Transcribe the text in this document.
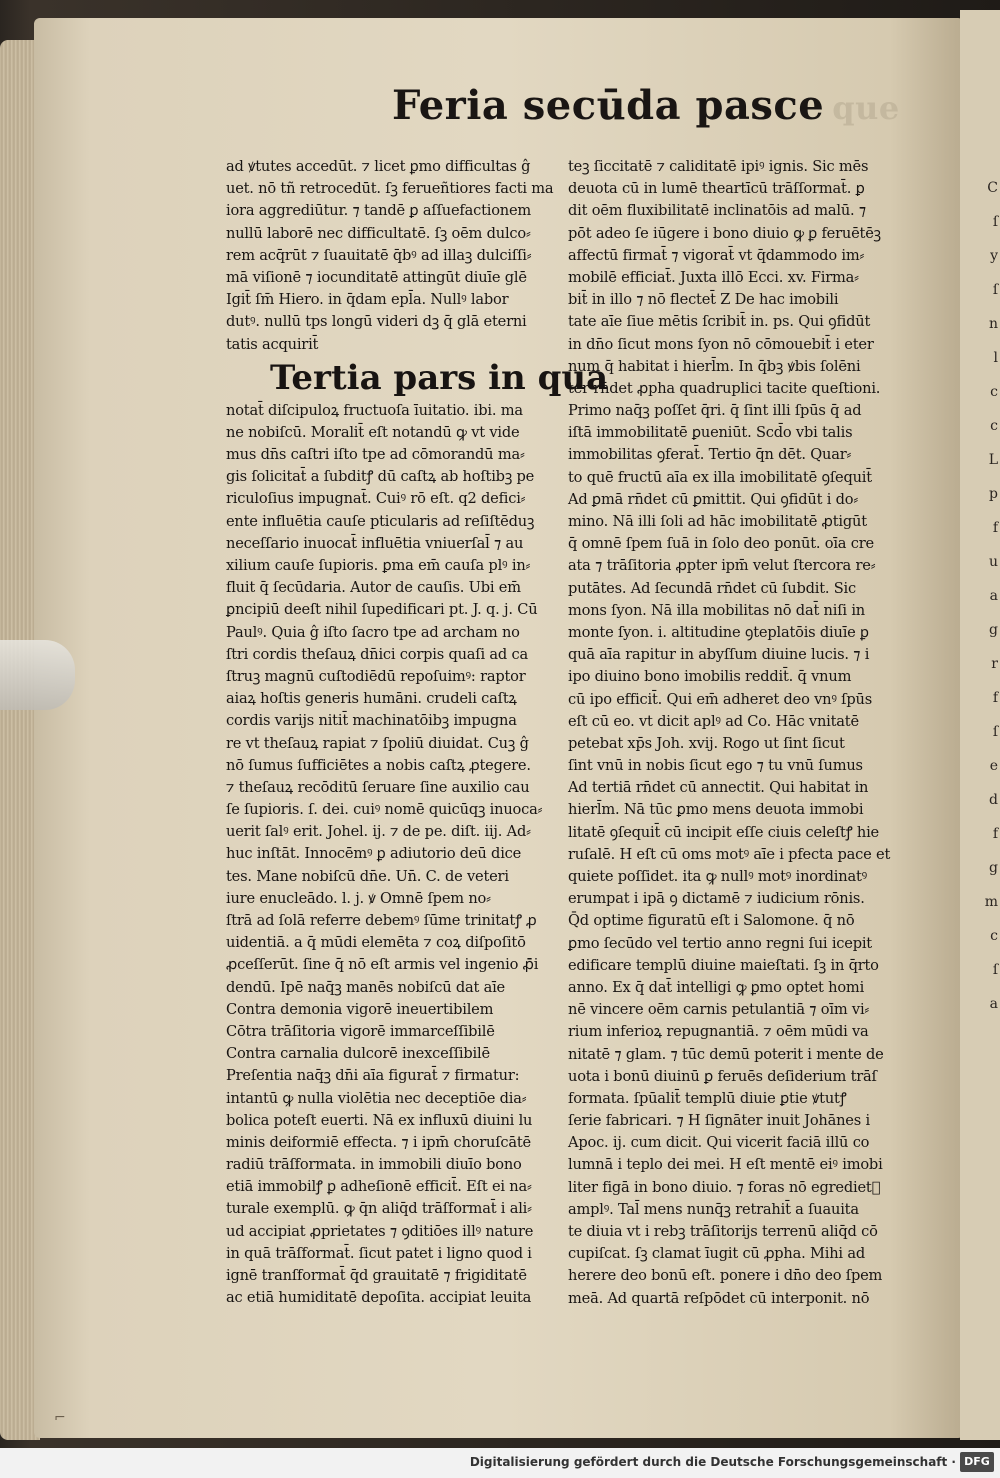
C
ſ
y
ſ
n
l
c
c
L
p
f
u
a
g
r
f
ſ
e
d
f
g
m
c
ſ
a
Feria secūda pasce que
ad ꝟtutes accedūt. ⁊ licet ꝑmo difficultas ĝ
uet. nō tñ retrocedūt. ſꝫ ferueñtiores facti ma
iora aggrediūtur. ⁊ tandē ꝑ aſſuefactionem
nullū laborē nec difficultatē. ſꝫ oēm dulco⸗
rem acq̄rūt ⁊ ſuauitatē q̄bꝰ ad illaꝫ dulciſſi⸗
mā viſionē ⁊ iocunditatē attingūt diuīe glē
Igit̄ ſm̄ Hiero. in q̄dam epl̄a. Nullꝰ labor
dutꝰ. nullū tps longū videri dꝫ q̄ glā eterni
tatis acquirit̄
Tertia pars in qua
notat̄ diſcipuloꝝ fructuoſa īuitatio. ibi. ma
ne nobiſcū. Moralit̄ eſt notandū ꝙ vt vide
mus dn̄s caſtri iſto tpe ad cōmorandū ma⸗
gis ſolicitat̄ a ſubditꝭ dū caſtꝝ ab hoſtibꝫ pe
riculoſius impugnat̄. Cuiꝰ rō eſt. q2 defici⸗
ente influētia cauſe pticularis ad reſiſtēduꝫ
neceſſario inuocat̄ influētia vniuerſal̄ ⁊ au
xilium cauſe ſupioris. ꝑma em̄ cauſa plꝰ in⸗
fluit q̄ ſecūdaria. Autor de cauſis. Ubi em̄
ꝑncipiū deeſt nihil ſupedificari pt. J. q. j. Cū
Paulꝰ. Quia ĝ iſto ſacro tpe ad archam no
ſtri cordis theſauꝝ dn̄ici corpis quaſi ad ca
ſtruꝫ magnū cuſtodiēdū repoſuimꝰ: raptor
aiaꝝ hoſtis generis humāni. crudeli caſtꝝ
cordis varijs nitit̄ machinatōibꝫ impugna
re vt theſauꝝ rapiat ⁊ ſpoliū diuidat. Cuꝫ ĝ
nō ſumus ſufficiētes a nobis caſtꝝ ꝓtegere.
⁊ theſauꝝ recōditū ſeruare ſine auxilio cau
ſe ſupioris. ſ. dei. cuiꝰ nomē quicūqꝫ inuoca⸗
uerit ſalꝰ erit. Johel. ij. ⁊ de pe. diſt. iij. Ad⸗
huc inſtāt. Innocēmꝰ ꝑ adiutorio deū dice
tes. Mane nobiſcū dn̄e. Un̄. C. de veteri
iure enucleādo. l. j. ꝟ Omnē ſpem no⸗
ſtrā ad ſolā referre debemꝰ ſūme trinitatꝭ ꝓ
uidentiā. a q̄ mūdi elemēta ⁊ coꝝ diſpoſitō
ꝓceſſerūt. ſine q̄ nō eſt armis vel ingenio ꝓ̄i
dendū. Ipē naq̄ꝫ manēs nobiſcū dat aīe
Contra demonia vigorē ineuertibilem
Cōtra trāſitoria vigorē immarceſſibilē
Contra carnalia dulcorē inexceſſibilē
Preſentia naq̄ꝫ dn̄i aīa figurat̄ ⁊ firmatur:
intantū ꝙ nulla violētia nec deceptiōe dia⸗
bolica poteſt euerti. Nā ex influxū diuini lu
minis deiformiē effecta. ⁊ i ipm̄ choruſcātē
radiū trāſformata. in immobili diuīo bono
etiā immobilꝭ ꝑ adheſionē efficit̄. Eſt ei na⸗
turale exemplū. ꝙ q̄n aliq̄d trāſformat̄ i ali⸗
ud accipiat ꝓprietates ⁊ ꝯditiōes illꝰ nature
in quā trāſformat̄. ſicut patet i ligno quod i
ignē tranſformat̄ q̄d grauitatē ⁊ frigiditatē
ac etiā humiditatē depoſita. accipiat leuita
teꝫ ſiccitatē ⁊ caliditatē ipiꝰ ignis. Sic mēs
deuota cū in lumē theartīcū trāſſormat̄. ꝑ
dit oēm fluxibilitatē inclinatōis ad malū. ⁊
pōt adeo ſe iūgere i bono diuio ꝙ ꝑ feruētēꝫ
affectū firmat̄ ⁊ vigorat̄ vt q̄dammodo im⸗
mobilē efficiat̄. Juxta illō Ecci. xv. Firma⸗
bit̄ in illo ⁊ nō flectet̄ Z De hac imobili
tate aīe ſiue mētis ſcribit̄ in. ps. Qui ꝯfidūt
in dn̄o ſicut mons ſyon nō cōmouebit̄ i eter
num q̄ habitat i hierl̄m. In q̄bꝫ ꝟbis ſolēni
ter rn̄det ꝓpha quadruplici tacite queſtioni.
Primo naq̄ꝫ poſſet q̄ri. q̄ ſint illi ſpūs q̄ ad
iſtā immobilitatē ꝑueniūt. Scd̄o vbi talis
immobilitas ꝯferat̄. Tertio q̄n dēt. Quar⸗
to quē fructū aīa ex illa imobilitatē ꝯſequit̄
Ad ꝑmā rn̄det cū ꝑmittit. Qui ꝯfidūt i do⸗
mino. Nā illi ſoli ad hāc imobilitatē ꝓtigūt
q̄ omnē ſpem ſuā in ſolo deo ponūt. oīa cre
ata ⁊ trāſitoria ꝓpter ipm̄ velut ſtercora re⸗
putātes. Ad ſecundā rn̄det cū ſubdit. Sic
mons ſyon. Nā illa mobilitas nō dat̄ niſi in
monte ſyon. i. altitudine ꝯteplatōis diuīe ꝑ
quā aīa rapitur in abyſſum diuine lucis. ⁊ i
ipo diuino bono imobilis reddit̄. q̄ vnum
cū ipo efficit̄. Qui em̄ adheret deo vnꝰ ſpūs
eſt cū eo. vt dicit aplꝰ ad Co. Hāc vnitatē
petebat xp̄s Joh. xvij. Rogo ut ſint ſicut
ſint vnū in nobis ſicut ego ⁊ tu vnū ſumus
Ad tertiā rn̄det cū annectit. Qui habitat in
hierl̄m. Nā tūc ꝑmo mens deuota immobi
litatē ꝯſequit̄ cū incipit eſſe ciuis celeſtꝭ hie
ruſalē. H eſt cū oms motꝰ aīe i pfecta pace et
quiete poſſidet. ita ꝙ nullꝰ motꝰ inordinatꝰ
erumpat i ipā ꝯ dictamē ⁊ iudicium rōnis.
Q̄d optime figuratū eſt i Salomone. q̄ nō
ꝑmo ſecūdo vel tertio anno regni ſui icepit
edificare templū diuine maieſtati. ſꝫ in q̄rto
anno. Ex q̄ dat̄ intelligi ꝙ ꝑmo optet homi
nē vincere oēm carnis petulantiā ⁊ oīm vi⸗
rium inferioꝝ repugnantiā. ⁊ oēm mūdi va
nitatē ⁊ glam. ⁊ tūc demū poterit i mente de
uota i bonū diuinū ꝑ feruēs deſiderium trāſ
formata. ſpūalit̄ templū diuie ꝑtie ꝟtutꝭ
ſerie fabricari. ⁊ H ſignāter inuit Johānes i
Apoc. ij. cum dicit. Qui vicerit faciā illū co
lumnā i teplo dei mei. H eſt mentē eiꝰ imobi
liter figā in bono diuio. ⁊ foras nō egredietᷣ
amplꝰ. Tal̄ mens nunq̄ꝫ retrahit̄ a ſuauita
te diuia vt i rebꝫ trāſitorijs terrenū aliq̄d cō
cupiſcat. ſꝫ clamat īugit cū ꝓpha. Mihi ad
herere deo bonū eſt. ponere i dn̄o deo ſpem
meā. Ad quartā reſpōdet cū interponit. nō
⌐
Digitalisierung gefördert durch die Deutsche Forschungsgemeinschaft · DFG
